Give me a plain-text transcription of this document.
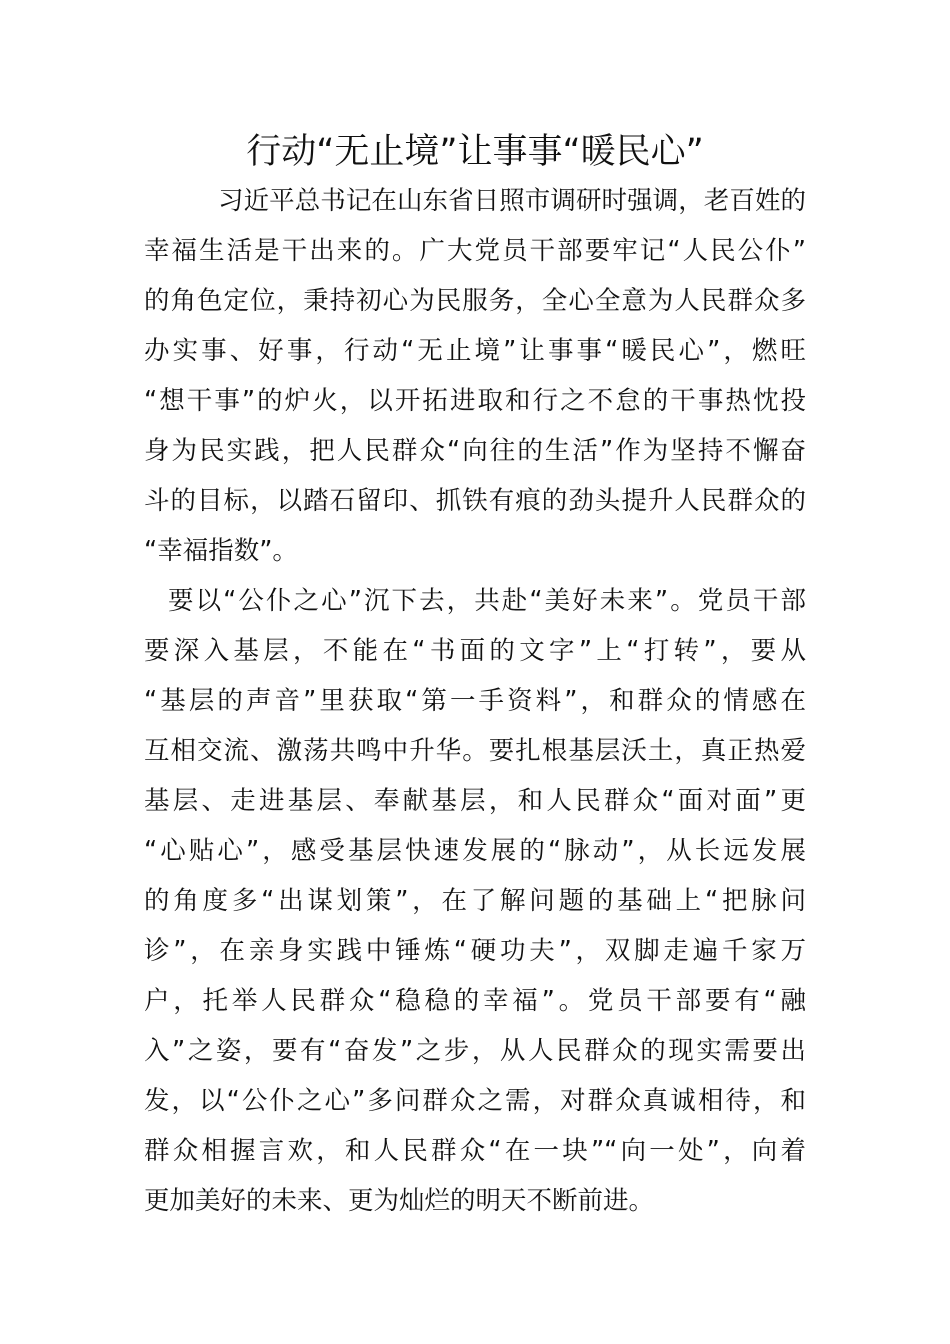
行动“无止境”让事事“暖民心”
习近平总书记在山东省日照市调研时强调，老百姓的
幸福生活是干出来的。广大党员干部要牢记“人民公仆”
的角色定位，秉持初心为民服务，全心全意为人民群众多
办实事、好事，行动“无止境”让事事“暖民心”，燃旺
“想干事”的炉火，以开拓进取和行之不怠的干事热忱投
身为民实践，把人民群众“向往的生活”作为坚持不懈奋
斗的目标，以踏石留印、抓铁有痕的劲头提升人民群众的
“幸福指数”。
要以“公仆之心”沉下去，共赴“美好未来”。党员干部
要深入基层，不能在“书面的文字”上“打转”，要从
“基层的声音”里获取“第一手资料”，和群众的情感在
互相交流、激荡共鸣中升华。要扎根基层沃土，真正热爱
基层、走进基层、奉献基层，和人民群众“面对面”更
“心贴心”，感受基层快速发展的“脉动”，从长远发展
的角度多“出谋划策”，在了解问题的基础上“把脉问
诊”，在亲身实践中锤炼“硬功夫”，双脚走遍千家万
户，托举人民群众“稳稳的幸福”。党员干部要有“融
入”之姿，要有“奋发”之步，从人民群众的现实需要出
发，以“公仆之心”多问群众之需，对群众真诚相待，和
群众相握言欢，和人民群众“在一块”“向一处”，向着
更加美好的未来、更为灿烂的明天不断前进。
